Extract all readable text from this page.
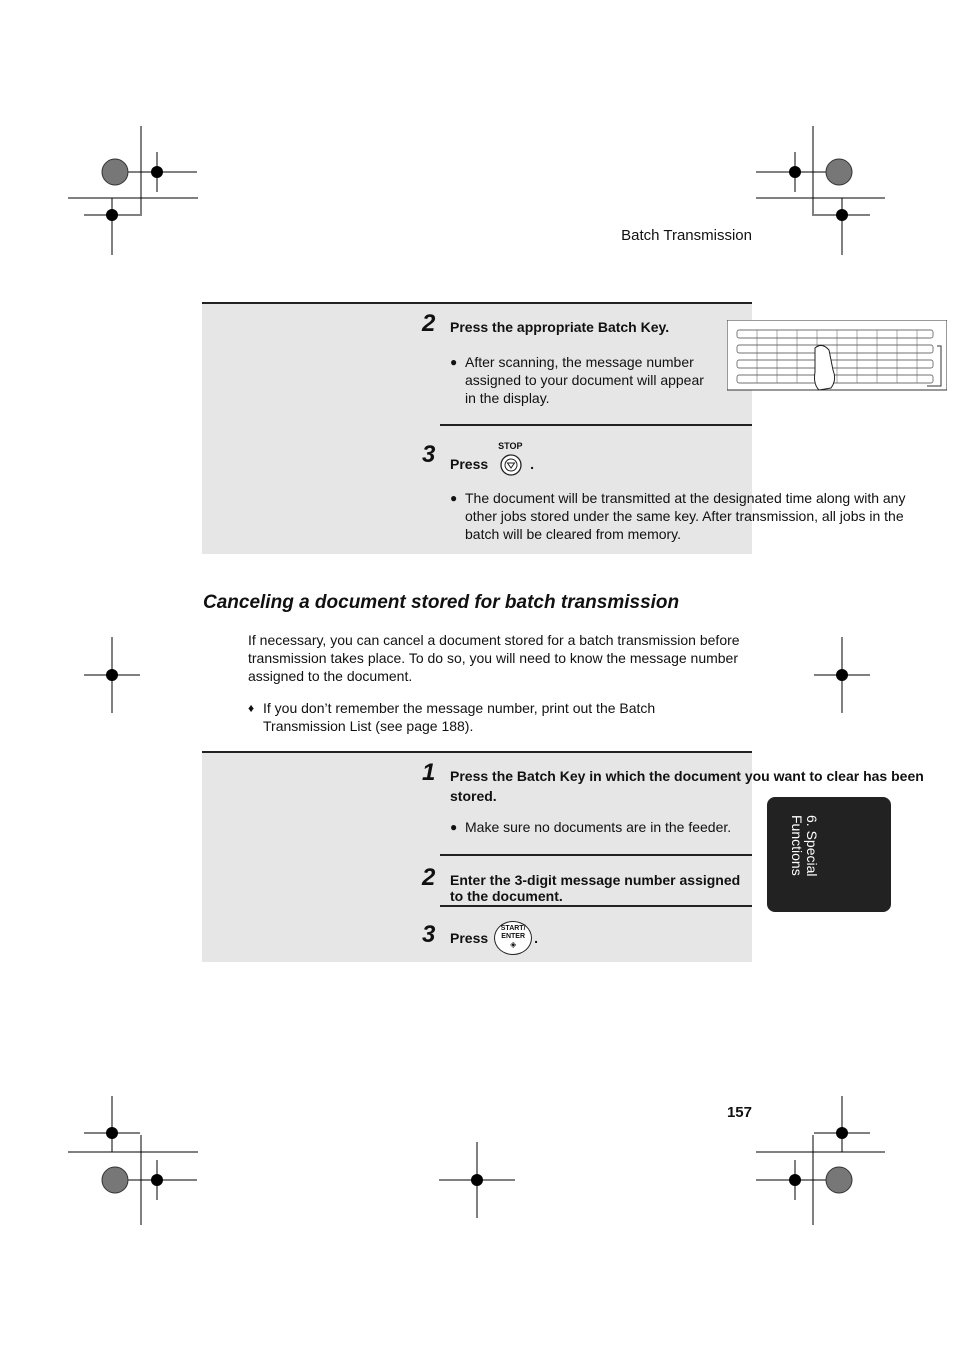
Batch Transmission
2 Press the appropriate Batch Key.
● After scanning, the message number assigned to your document will appear in the display.
3 Press
STOP
.
● The document will be transmitted at the designated time along with any other jobs stored under the same key. After transmission, all jobs in the batch will be cleared from memory.
Canceling a document stored for batch transmission
If necessary, you can cancel a document stored for a batch transmission before transmission takes place. To do so, you will need to know the message number assigned to the document.
♦ If you don’t remember the message number, print out the Batch Transmission List (see page 188).
1 Press the Batch Key in which the document you want to clear has been stored.
● Make sure no documents are in the feeder.
2 Enter the 3-digit message number assigned to the document.
3 Press
START/
ENTER
◈	.
6. Special
Functions
157
